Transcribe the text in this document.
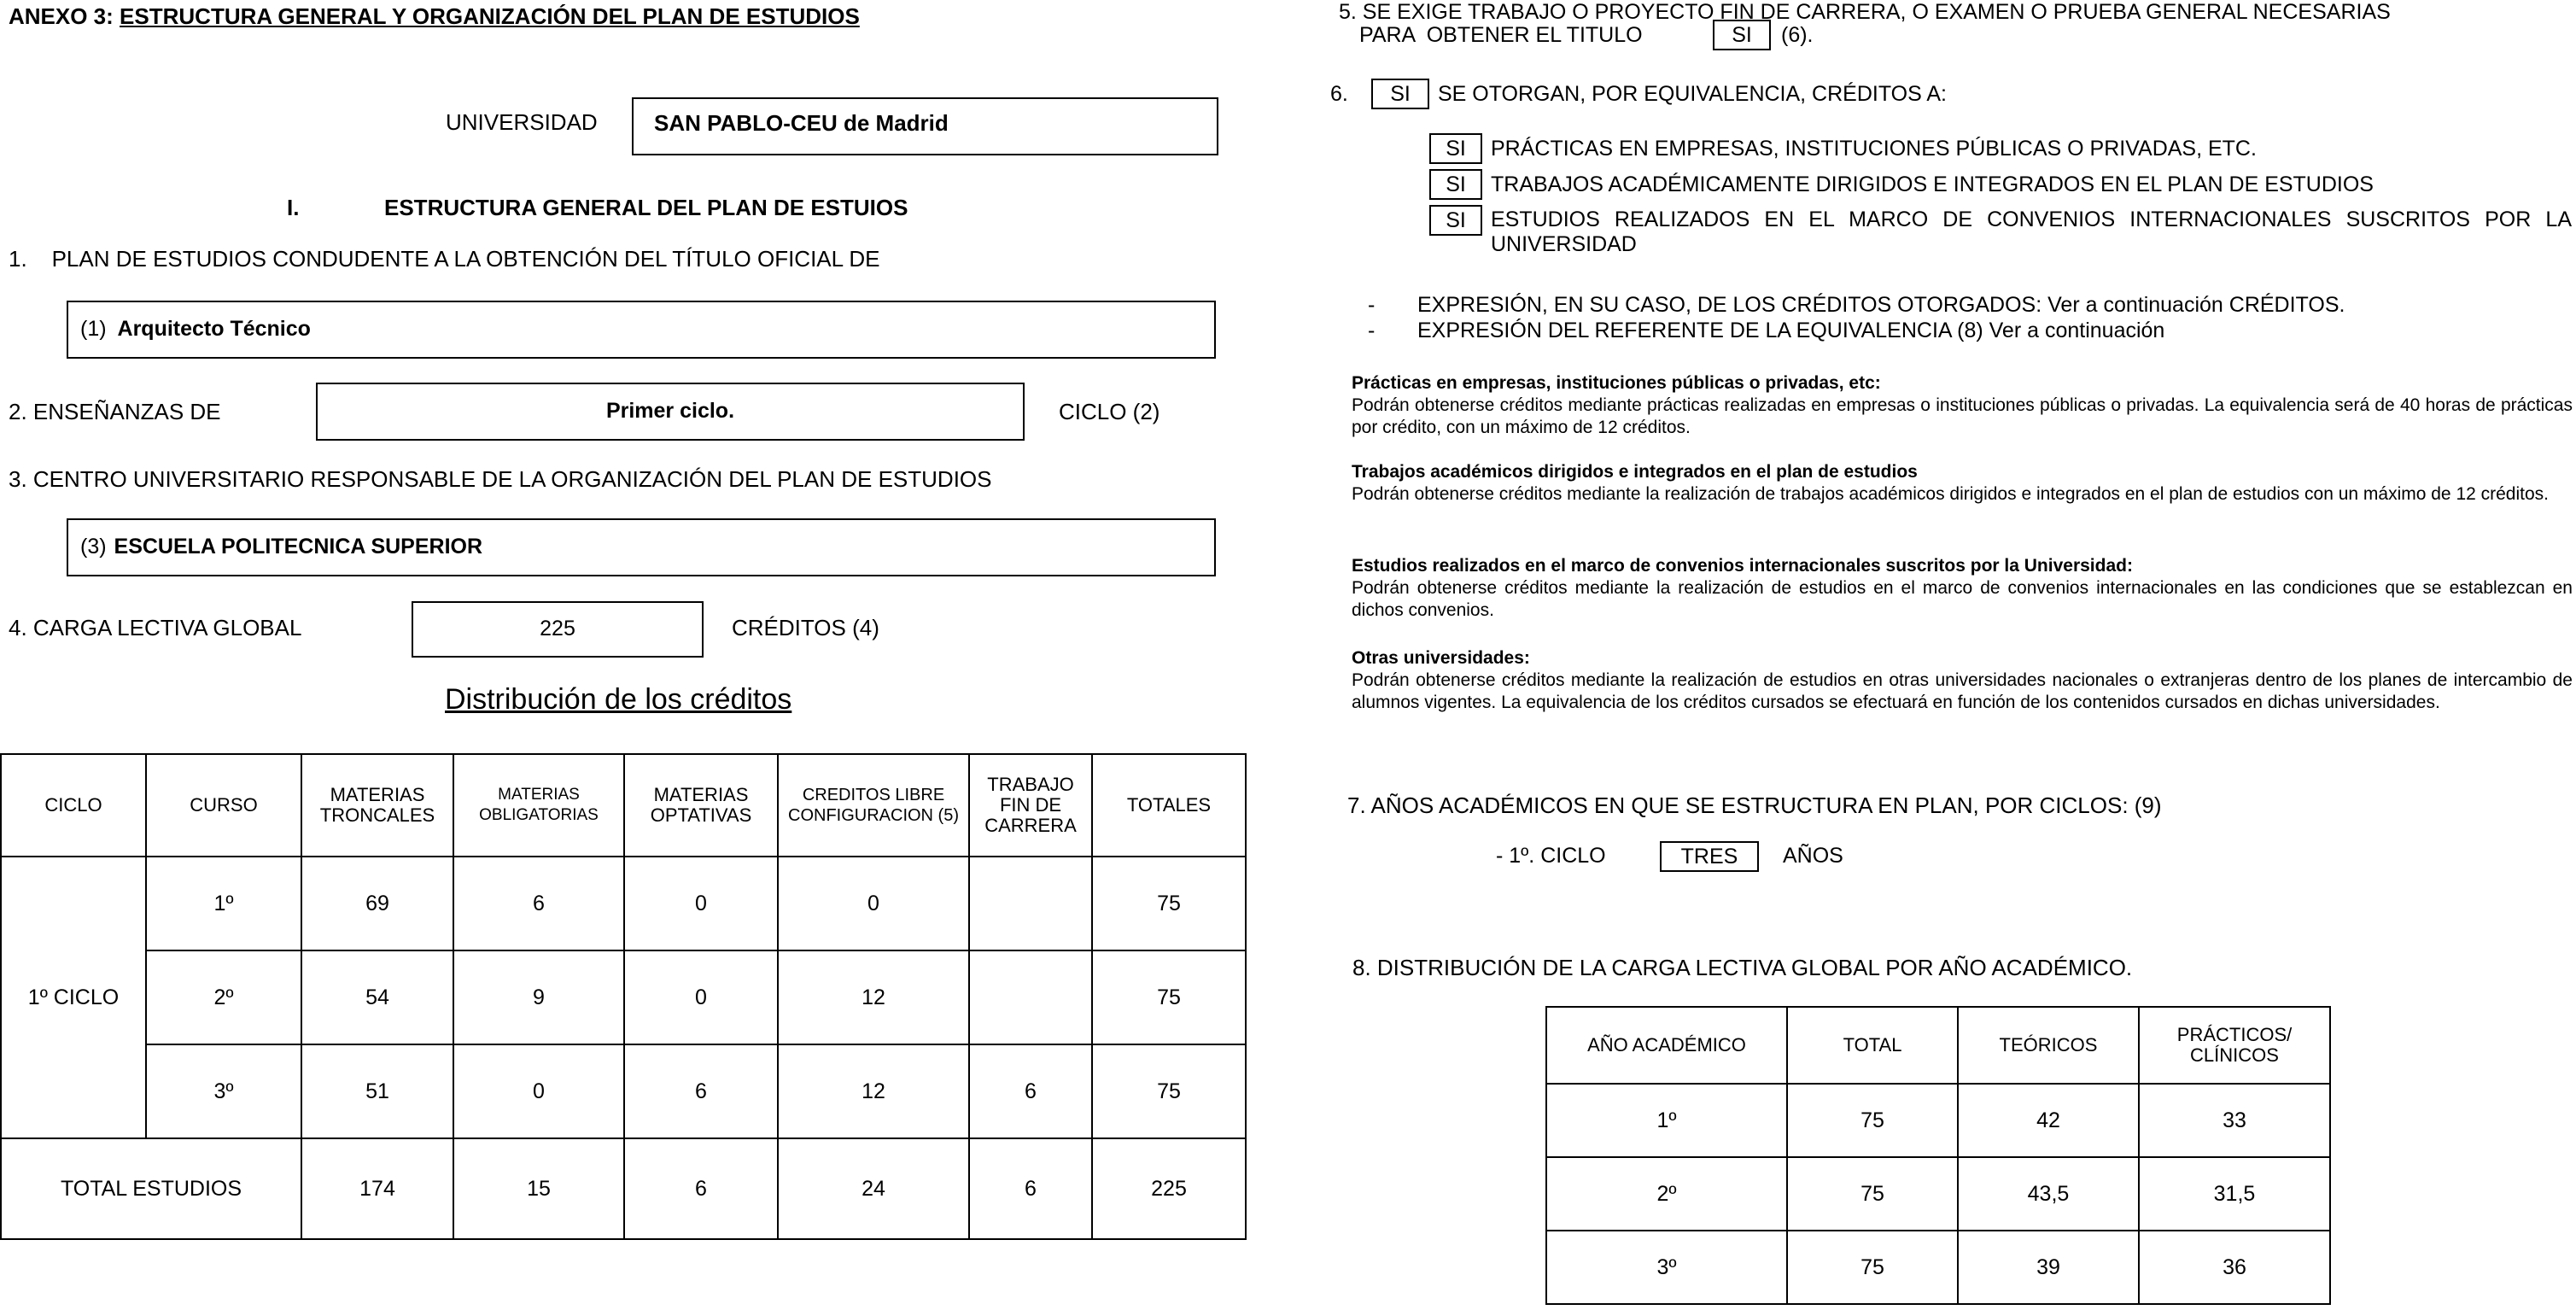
ANEXO 3: ESTRUCTURA GENERAL Y ORGANIZACIÓN DEL PLAN DE ESTUDIOS
UNIVERSIDAD	SAN PABLO-CEU de Madrid
I.	ESTRUCTURA GENERAL DEL PLAN DE ESTUIOS
1.    PLAN DE ESTUDIOS CONDUDENTE A LA OBTENCIÓN DEL TÍTULO OFICIAL DE
(1) Arquitecto Técnico
2. ENSEÑANZAS DE	Primer ciclo.	CICLO (2)
3. CENTRO UNIVERSITARIO RESPONSABLE DE LA ORGANIZACIÓN DEL PLAN DE ESTUDIOS
(3) ESCUELA POLITECNICA SUPERIOR
4. CARGA LECTIVA GLOBAL	225	CRÉDITOS (4)
Distribución de los créditos
CICLO	CURSO	MATERIAS TRONCALES	MATERIAS OBLIGATORIAS	MATERIAS OPTATIVAS	CREDITOS LIBRE CONFIGURACION (5)	TRABAJO FIN DE CARRERA	TOTALES
1º CICLO	1º	69	6	0	0		75
	2º	54	9	0	12		75
	3º	51	0	6	12	6	75
TOTAL ESTUDIOS		174	15	6	24	6	225
5. SE EXIGE TRABAJO O PROYECTO FIN DE CARRERA, O EXAMEN O PRUEBA GENERAL NECESARIAS
PARA  OBTENER EL TITULO	SI	(6).
6.	SI	SE OTORGAN, POR EQUIVALENCIA, CRÉDITOS A:
SI	PRÁCTICAS EN EMPRESAS, INSTITUCIONES PÚBLICAS O PRIVADAS, ETC.
SI	TRABAJOS ACADÉMICAMENTE DIRIGIDOS E INTEGRADOS EN EL PLAN DE ESTUDIOS
SI	ESTUDIOS REALIZADOS EN EL MARCO DE CONVENIOS INTERNACIONALES SUSCRITOS POR LA UNIVERSIDAD
- EXPRESIÓN, EN SU CASO, DE LOS CRÉDITOS OTORGADOS: Ver a continuación CRÉDITOS.
- EXPRESIÓN DEL REFERENTE DE LA EQUIVALENCIA (8) Ver a continuación
Prácticas en empresas, instituciones públicas o privadas, etc:
Podrán obtenerse créditos mediante prácticas realizadas en empresas o instituciones públicas o privadas. La equivalencia será de 40 horas de prácticas por crédito, con un máximo de 12 créditos.
Trabajos académicos dirigidos e integrados en el plan de estudios
Podrán obtenerse créditos mediante la realización de trabajos académicos dirigidos e integrados en el plan de estudios con un máximo de 12 créditos.
Estudios realizados en el marco de convenios internacionales suscritos por la Universidad:
Podrán obtenerse créditos mediante la realización de estudios en el marco de convenios internacionales en las condiciones que se establezcan en dichos convenios.
Otras universidades:
Podrán obtenerse créditos mediante la realización de estudios en otras universidades nacionales o extranjeras dentro de los planes de intercambio de alumnos vigentes. La equivalencia de los créditos cursados se efectuará en función de los contenidos cursados en dichas universidades.
7. AÑOS ACADÉMICOS EN QUE SE ESTRUCTURA EN PLAN, POR CICLOS: (9)
- 1º. CICLO	TRES	AÑOS
8. DISTRIBUCIÓN DE LA CARGA LECTIVA GLOBAL POR AÑO ACADÉMICO.
AÑO ACADÉMICO	TOTAL	TEÓRICOS	PRÁCTICOS/ CLÍNICOS
1º	75	42	33
2º	75	43,5	31,5
3º	75	39	36
